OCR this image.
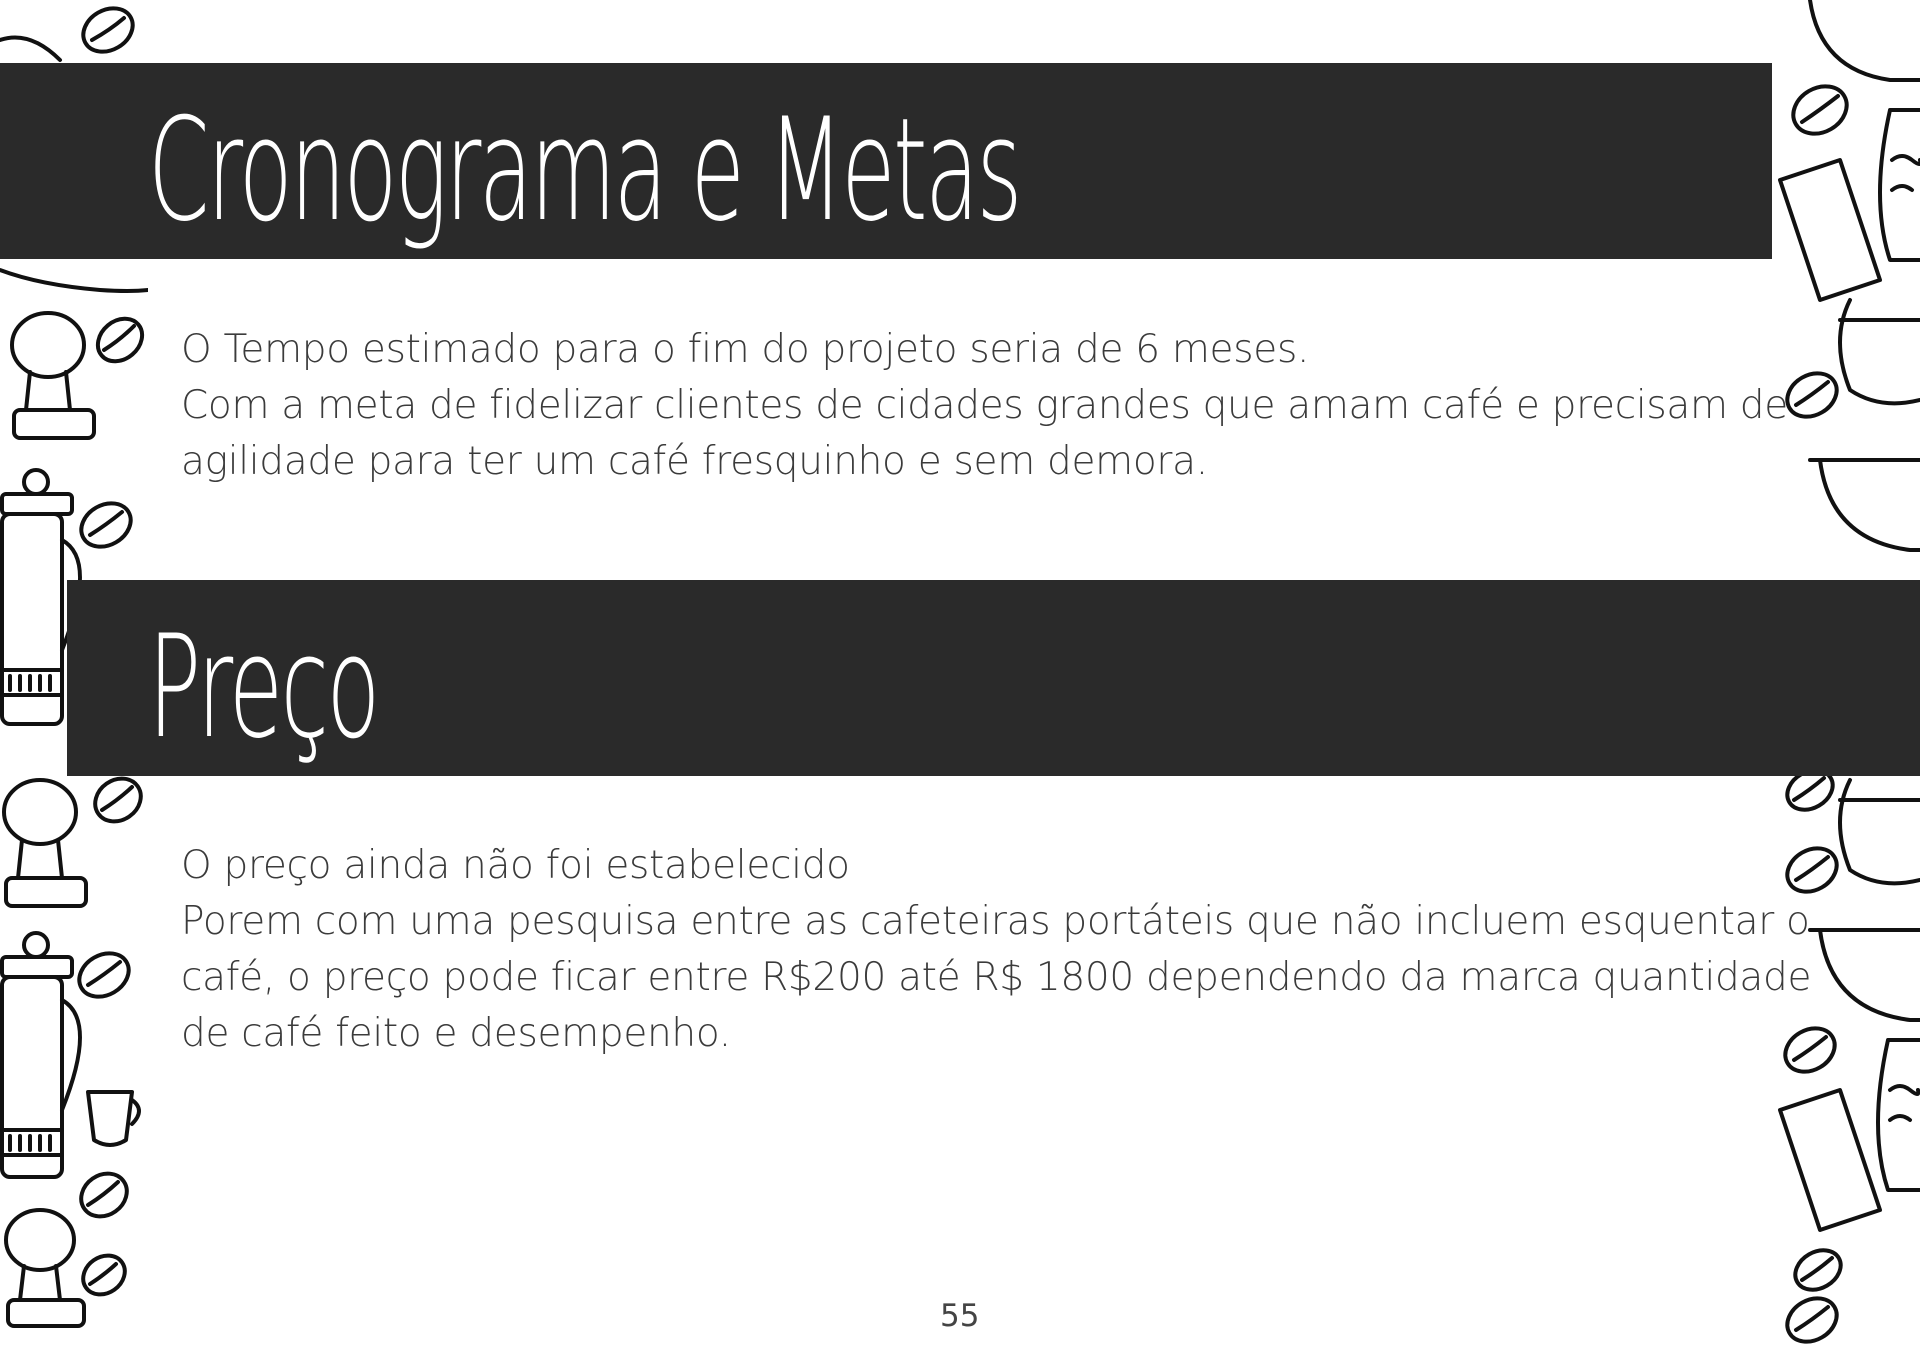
Cronograma e Metas
O Tempo estimado para o fim do projeto seria de 6 meses.
Com a meta de fidelizar clientes de cidades grandes que amam café e precisam de
agilidade para ter um café fresquinho e sem demora.
Preço
O preço ainda não foi estabelecido
Porem com uma pesquisa entre as cafeteiras portáteis que não incluem esquentar o
café, o preço pode ficar entre R$200 até R$ 1800 dependendo da marca quantidade
de café feito e desempenho.
55
